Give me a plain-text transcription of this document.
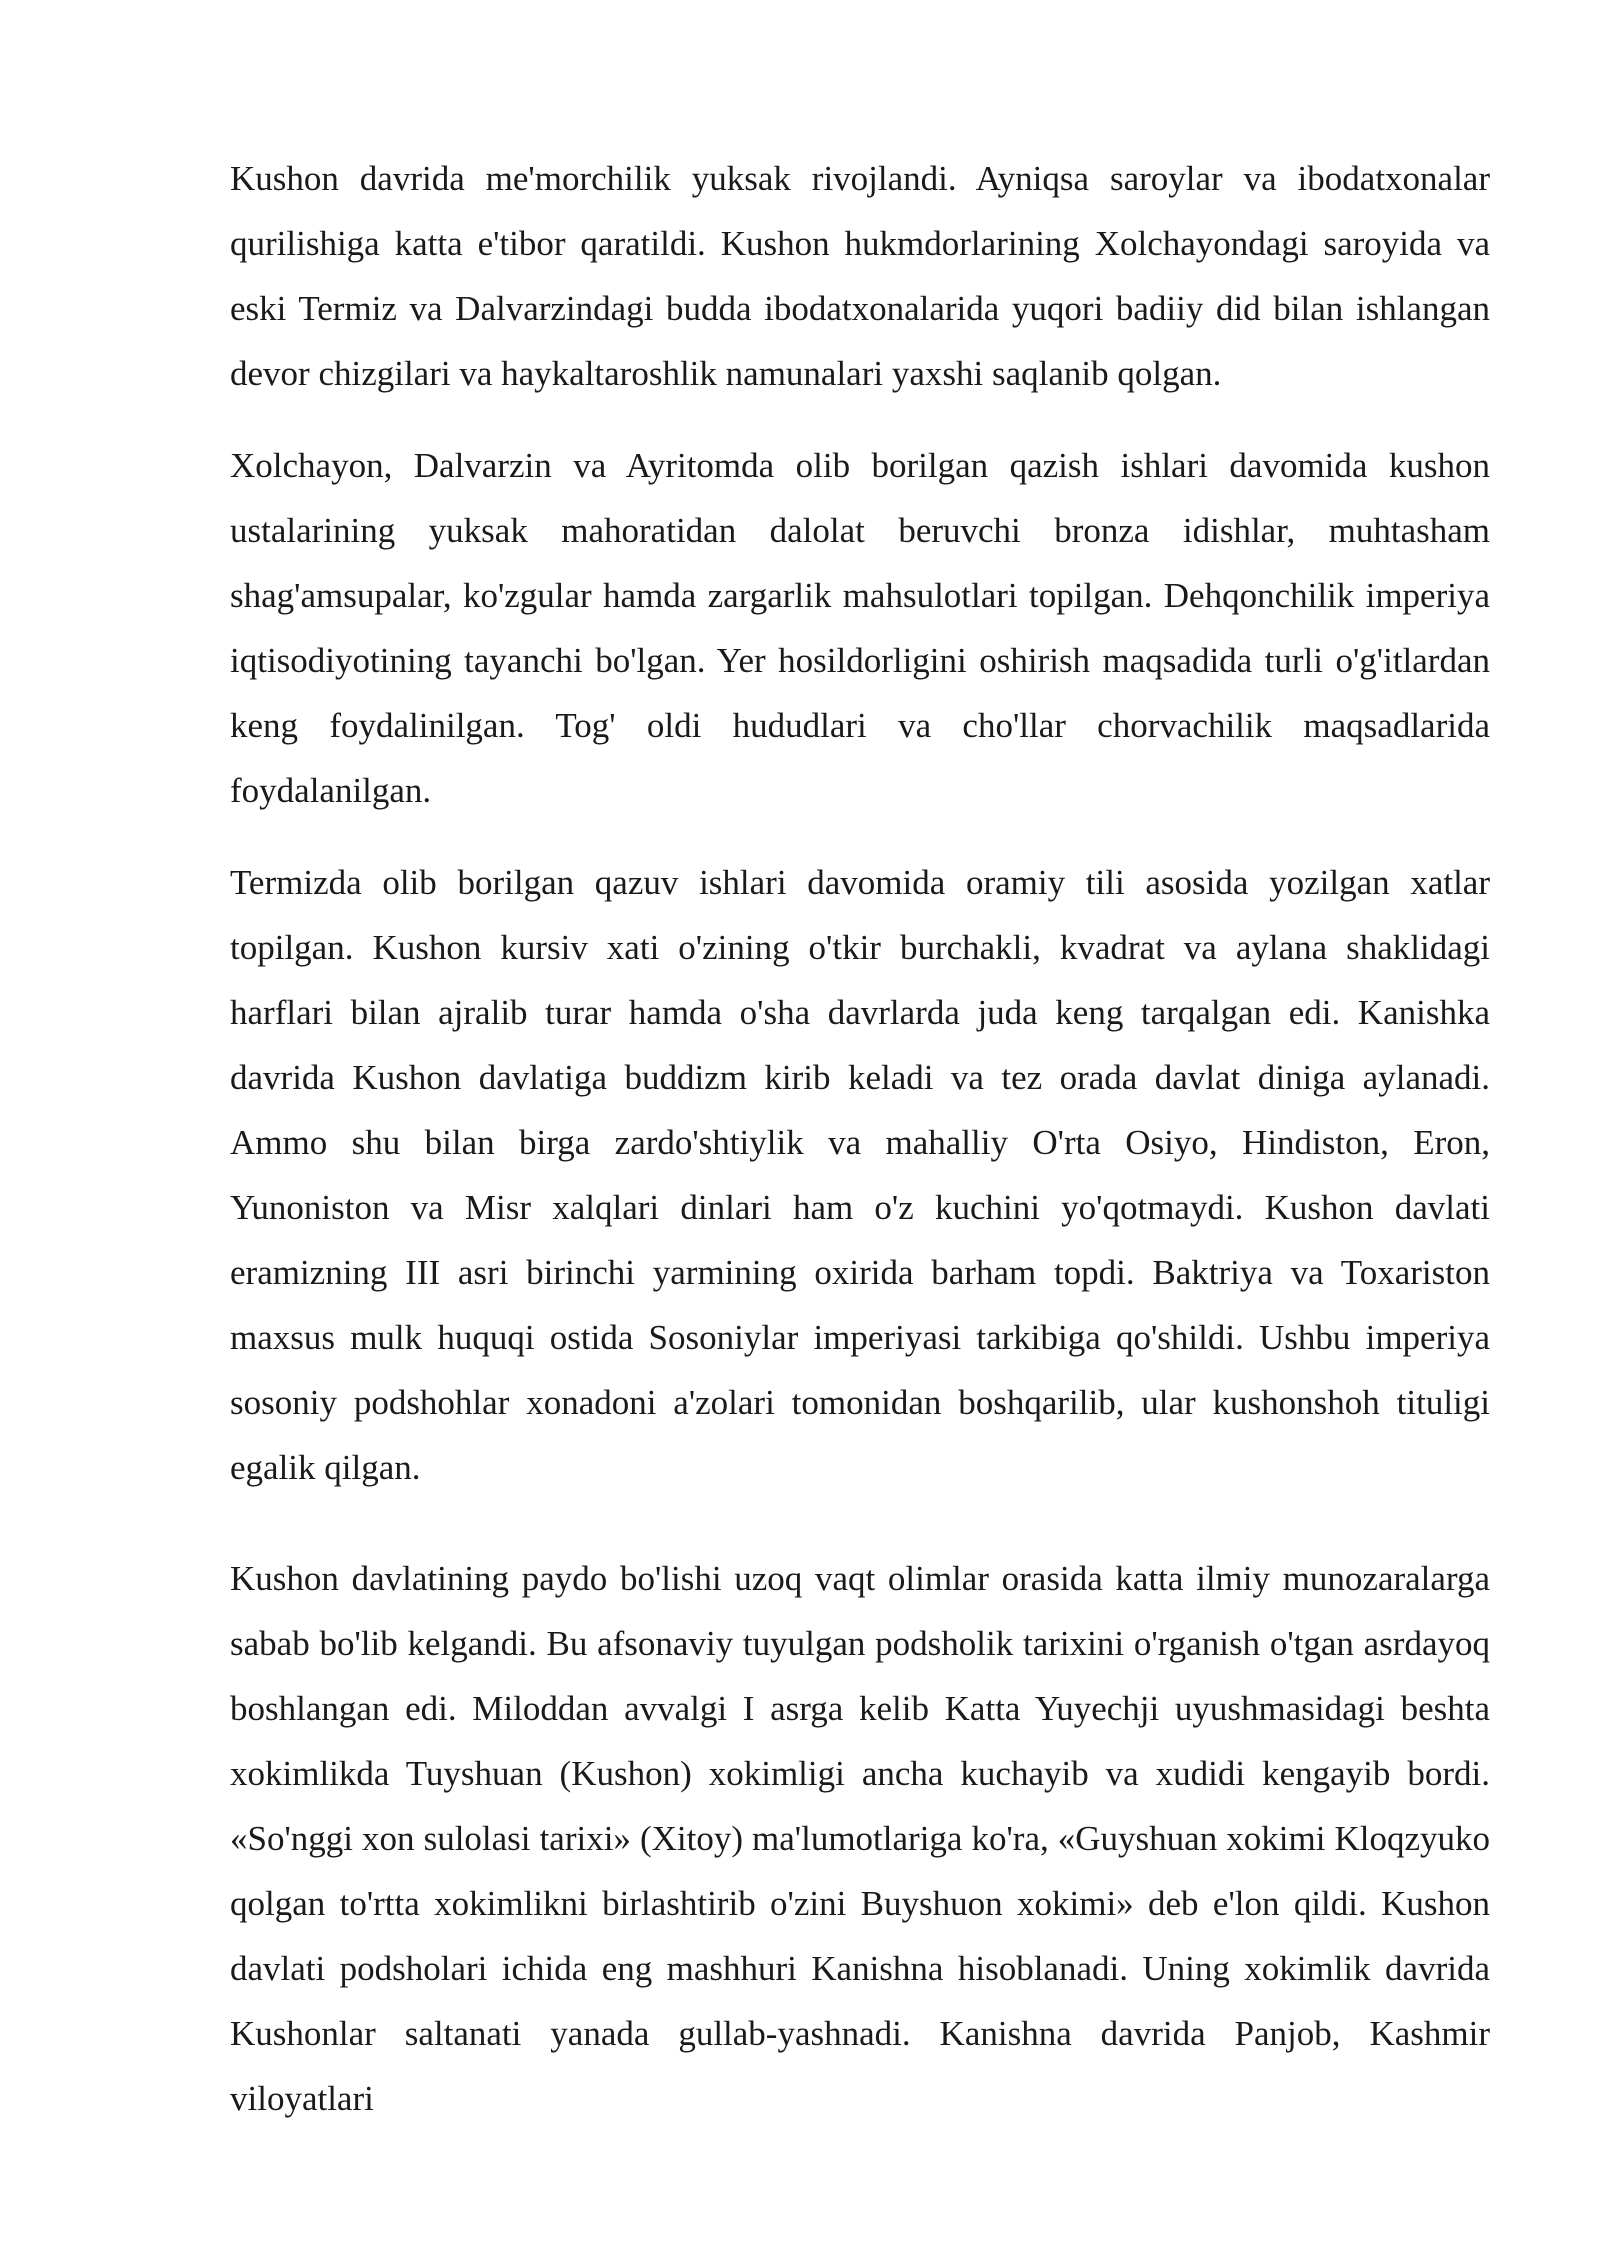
Kushon davrida me'morchilik yuksak rivojlandi. Ayniqsa saroylar va ibodatxonalar qurilishiga katta e'tibor qaratildi. Kushon hukmdorlarining Xolchayondagi saroyida va eski Termiz va Dalvarzindagi budda ibodatxonalarida yuqori badiiy did bilan ishlangan devor chizgilari va haykaltaroshlik namunalari yaxshi saqlanib qolgan.

Xolchayon, Dalvarzin va Ayritomda olib borilgan qazish ishlari davomida kushon ustalarining yuksak mahoratidan dalolat beruvchi bronza idishlar, muhtasham shag'amsupalar, ko'zgular hamda zargarlik mahsulotlari topilgan. Dehqonchilik imperiya iqtisodiyotining tayanchi bo'lgan. Yer hosildorligini oshirish maqsadida turli o'g'itlardan keng foydalinilgan. Tog' oldi hududlari va cho'llar chorvachilik maqsadlarida foydalanilgan.

Termizda olib borilgan qazuv ishlari davomida oramiy tili asosida yozilgan xatlar topilgan. Kushon kursiv xati o'zining o'tkir burchakli, kvadrat va aylana shaklidagi harflari bilan ajralib turar hamda o'sha davrlarda juda keng tarqalgan edi. Kanishka davrida Kushon davlatiga buddizm kirib keladi va tez orada davlat diniga aylanadi. Ammo shu bilan birga zardo'shtiylik va mahalliy O'rta Osiyo, Hindiston, Eron, Yunoniston va Misr xalqlari dinlari ham o'z kuchini yo'qotmaydi. Kushon davlati eramizning III asri birinchi yarmining oxirida barham topdi. Baktriya va Toxariston maxsus mulk huquqi ostida Sosoniylar imperiyasi tarkibiga qo'shildi. Ushbu imperiya sosoniy podshohlar xonadoni a'zolari tomonidan boshqarilib, ular kushonshoh tituligi egalik qilgan.

Kushon davlatining paydo bo'lishi uzoq vaqt olimlar orasida katta ilmiy munozaralarga sabab bo'lib kelgandi. Bu afsonaviy tuyulgan podsholik tarixini o'rganish o'tgan asrdayoq boshlangan edi. Miloddan avvalgi I asrga kelib Katta Yuyechji uyushmasidagi beshta xokimlikda Tuyshuan (Kushon) xokimligi ancha kuchayib va xudidi kengayib bordi. «So'nggi xon sulolasi tarixi» (Xitoy) ma'lumotlariga ko'ra, «Guyshuan xokimi Kloqzyuko qolgan to'rtta xokimlikni birlashtirib o'zini Buyshuon xokimi» deb e'lon qildi. Kushon davlati podsholari ichida eng mashhuri Kanishna hisoblanadi. Uning xokimlik davrida Kushonlar saltanati yanada gullab-yashnadi. Kanishna davrida Panjob, Kashmir viloyatlari
